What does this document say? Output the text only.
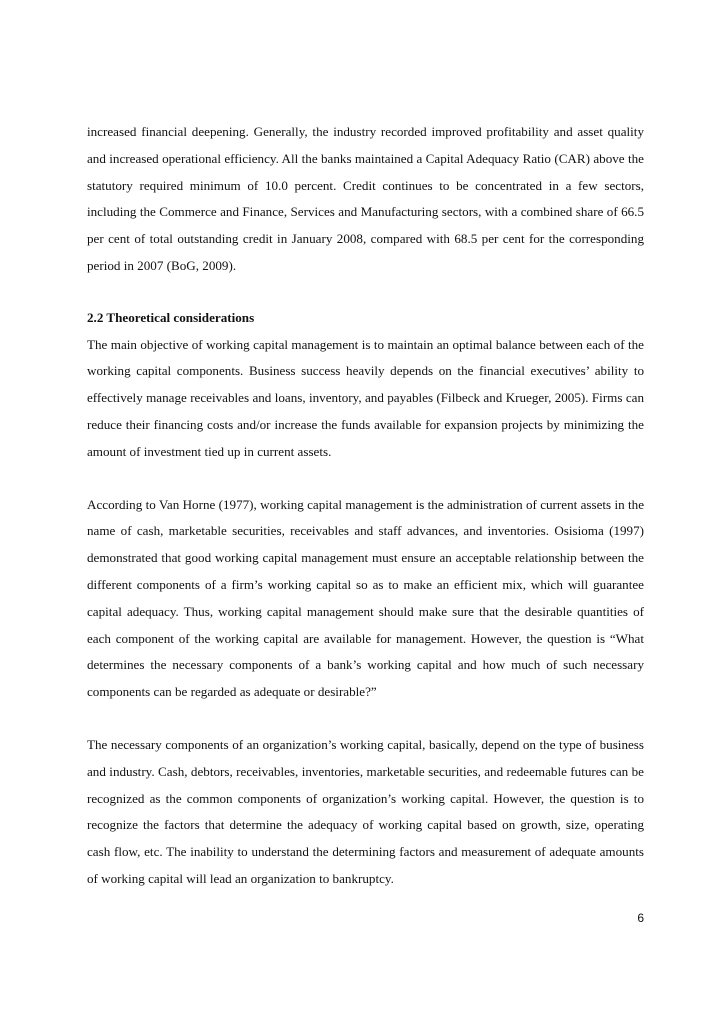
increased financial deepening. Generally, the industry recorded improved profitability and asset quality and increased operational efficiency. All the banks maintained a Capital Adequacy Ratio (CAR) above the statutory required minimum of 10.0 percent. Credit continues to be concentrated in a few sectors, including the Commerce and Finance, Services and Manufacturing sectors, with a combined share of 66.5 per cent of total outstanding credit in January 2008, compared with 68.5 per cent for the corresponding period in 2007 (BoG, 2009).

2.2 Theoretical considerations

The main objective of working capital management is to maintain an optimal balance between each of the working capital components. Business success heavily depends on the financial executives’ ability to effectively manage receivables and loans, inventory, and payables (Filbeck and Krueger, 2005). Firms can reduce their financing costs and/or increase the funds available for expansion projects by minimizing the amount of investment tied up in current assets.

According to Van Horne (1977), working capital management is the administration of current assets in the name of cash, marketable securities, receivables and staff advances, and inventories. Osisioma (1997) demonstrated that good working capital management must ensure an acceptable relationship between the different components of a firm’s working capital so as to make an efficient mix, which will guarantee capital adequacy. Thus, working capital management should make sure that the desirable quantities of each component of the working capital are available for management. However, the question is “What determines the necessary components of a bank’s working capital and how much of such necessary components can be regarded as adequate or desirable?”

The necessary components of an organization’s working capital, basically, depend on the type of business and industry. Cash, debtors, receivables, inventories, marketable securities, and redeemable futures can be recognized as the common components of organization’s working capital. However, the question is to recognize the factors that determine the adequacy of working capital based on growth, size, operating cash flow, etc. The inability to understand the determining factors and measurement of adequate amounts of working capital will lead an organization to bankruptcy.

6
